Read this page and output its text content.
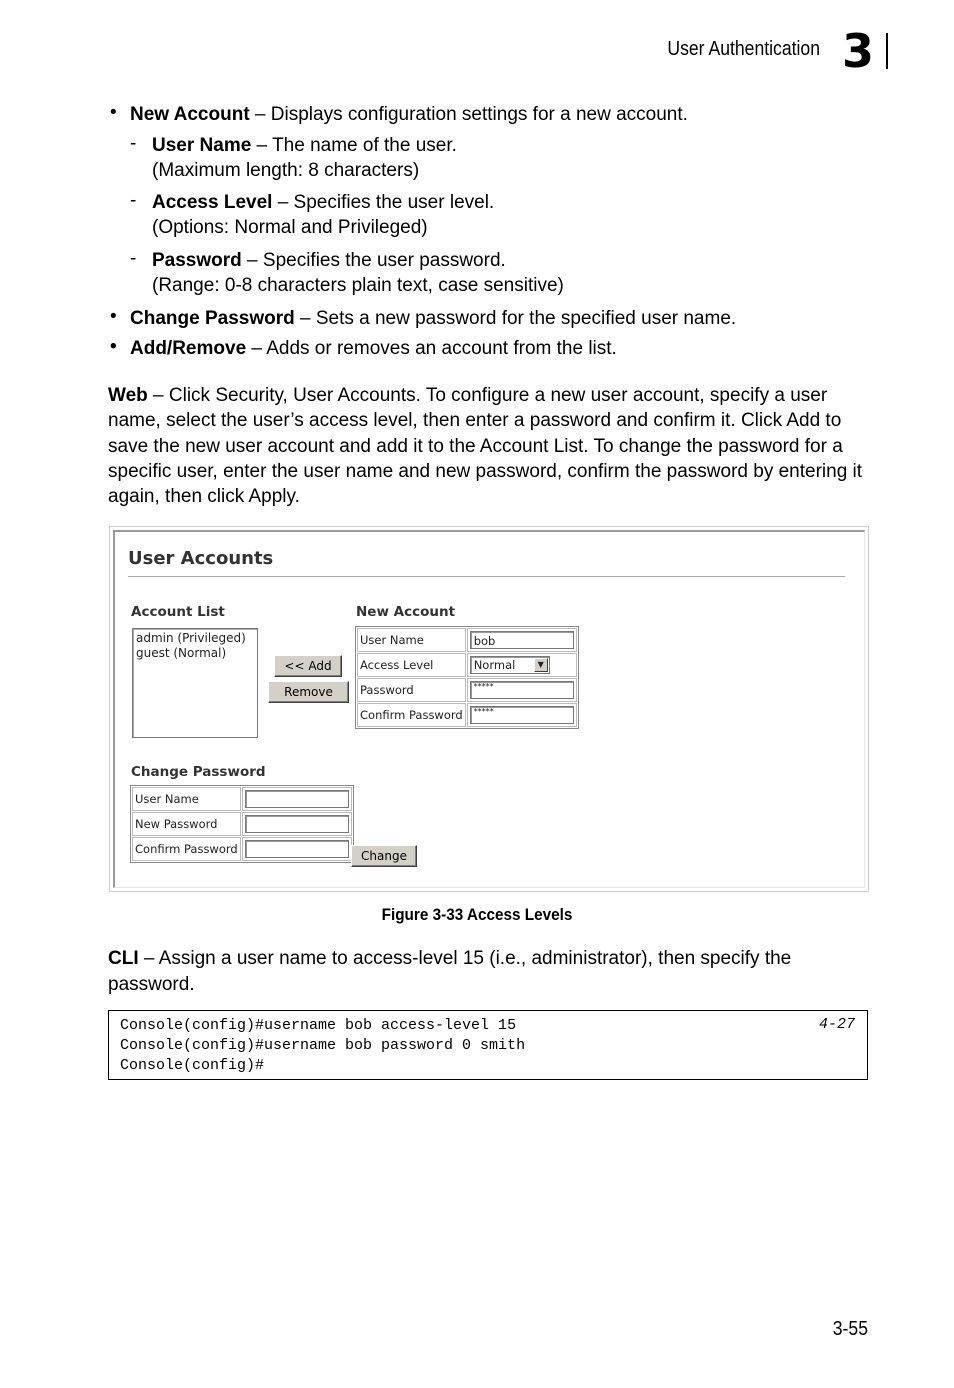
User Authentication 3
• New Account – Displays configuration settings for a new account.
- User Name – The name of the user.
(Maximum length: 8 characters)
- Access Level – Specifies the user level.
(Options: Normal and Privileged)
- Password – Specifies the user password.
(Range: 0-8 characters plain text, case sensitive)
• Change Password – Sets a new password for the specified user name.
• Add/Remove – Adds or removes an account from the list.
Web – Click Security, User Accounts. To configure a new user account, specify a user name, select the user’s access level, then enter a password and confirm it. Click Add to save the new user account and add it to the Account List. To change the password for a specific user, enter the user name and new password, confirm the password by entering it again, then click Apply.
User Accounts
Account List
admin (Privileged)
guest (Normal)
<< Add
Remove
New Account
User Name	bob

Access Level	Normal ▼

Password	*****

Confirm Password	*****
Change Password
User Name	

New Password	

Confirm Password		Change
Figure 3-33 Access Levels
CLI – Assign a user name to access-level 15 (i.e., administrator), then specify the password.
Console(config)#username bob access-level 15
Console(config)#username bob password 0 smith
Console(config)#
4-27
3-55
